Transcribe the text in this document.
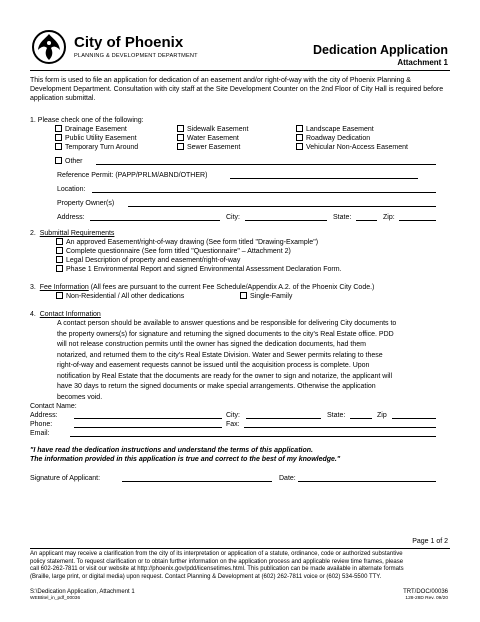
City of Phoenix
PLANNING & DEVELOPMENT DEPARTMENT	Dedication Application
Attachment 1
This form is used to file an application for dedication of an easement and/or right-of-way with the city of Phoenix Planning & Development Department. Consultation with city staff at the Site Development Counter on the 2nd Floor of City Hall is required before application submittal.
1. Please check one of the following:
Drainage Easement
Public Utility Easement
Temporary Turn Around
Sidewalk Easement
Water Easement
Sewer Easement
Landscape Easement
Roadway Dedication
Vehicular Non-Access Easement
Other
Reference Permit: (PAPP/PRLM/ABND/OTHER)
Location:
Property Owner(s)
Address:	City:	State:	Zip:
2. Submittal Requirements
An approved Easement/right-of-way drawing (See form titled "Drawing-Example")
Complete questionnaire (See form titled "Questionnaire" – Attachment 2)
Legal Description of property and easement/right-of-way
Phase 1 Environmental Report and signed Environmental Assessment Declaration Form.
3. Fee Information (All fees are pursuant to the current Fee Schedule/Appendix A.2. of the Phoenix City Code.)
Non-Residential / All other dedications	Single-Family
4. Contact Information
A contact person should be available to answer questions and be responsible for delivering City documents to
the property owners(s) for signature and returning the signed documents to the city’s Real Estate office. PDD
will not release construction permits until the owner has signed the dedication documents, had them
notarized, and returned them to the city’s Real Estate Division. Water and Sewer permits relating to these
right-of-way and easement requests cannot be issued until the acquisition process is complete. Upon
notification by Real Estate that the documents are ready for the owner to sign and notarize, the applicant will
have 30 days to return the signed documents or make special arrangements. Otherwise the application
becomes void.
Contact Name:
Address:	City:	State:	Zip
Phone:	Fax:
Email:
"I have read the dedication instructions and understand the terms of this application.
The information provided in this application is true and correct to the best of my knowledge."
Signature of Applicant:	Date:
Page 1 of 2
An applicant may receive a clarification from the city of its interpretation or application of a statute, ordinance, code or authorized substantive
policy statement. To request clarification or to obtain further information on the application process and applicable review time frames, please
call 602-262-7811 or visit our website at http://phoenix.gov/pdd/licensetimes.html. This publication can be made available in alternate formats
(Braille, large print, or digital media) upon request. Contact Planning & Development at (602) 262-7811 voice or (602) 534-5500 TTY.
S:\Dedication Application, Attachment 1
WEBtitel_in_pdf_00036
TRT/DOC/00036
128-28D Rev. 09/20
